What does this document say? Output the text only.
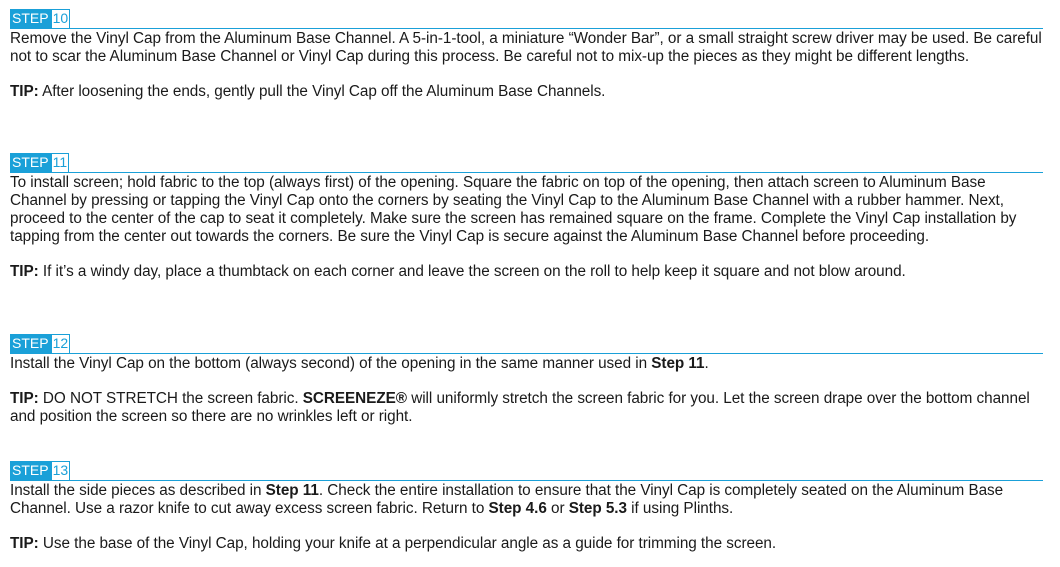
STEP 10

Remove the Vinyl Cap from the Aluminum Base Channel. A 5-in-1-tool, a miniature “Wonder Bar”, or a small straight screw driver may be used. Be careful not to scar the Aluminum Base Channel or Vinyl Cap during this process. Be careful not to mix-up the pieces as they might be different lengths.

TIP: After loosening the ends, gently pull the Vinyl Cap off the Aluminum Base Channels.

STEP 11

To install screen; hold fabric to the top (always first) of the opening. Square the fabric on top of the opening, then attach screen to Aluminum Base Channel by pressing or tapping the Vinyl Cap onto the corners by seating the Vinyl Cap to the Aluminum Base Channel with a rubber hammer. Next, proceed to the center of the cap to seat it completely. Make sure the screen has remained square on the frame. Complete the Vinyl Cap installation by tapping from the center out towards the corners. Be sure the Vinyl Cap is secure against the Aluminum Base Channel before proceeding.

TIP: If it’s a windy day, place a thumbtack on each corner and leave the screen on the roll to help keep it square and not blow around.

STEP 12

Install the Vinyl Cap on the bottom (always second) of the opening in the same manner used in Step 11.

TIP: DO NOT STRETCH the screen fabric. SCREENEZE® will uniformly stretch the screen fabric for you. Let the screen drape over the bottom channel and position the screen so there are no wrinkles left or right.

STEP 13

Install the side pieces as described in Step 11. Check the entire installation to ensure that the Vinyl Cap is completely seated on the Aluminum Base Channel. Use a razor knife to cut away excess screen fabric. Return to Step 4.6 or Step 5.3 if using Plinths.

TIP: Use the base of the Vinyl Cap, holding your knife at a perpendicular angle as a guide for trimming the screen.
